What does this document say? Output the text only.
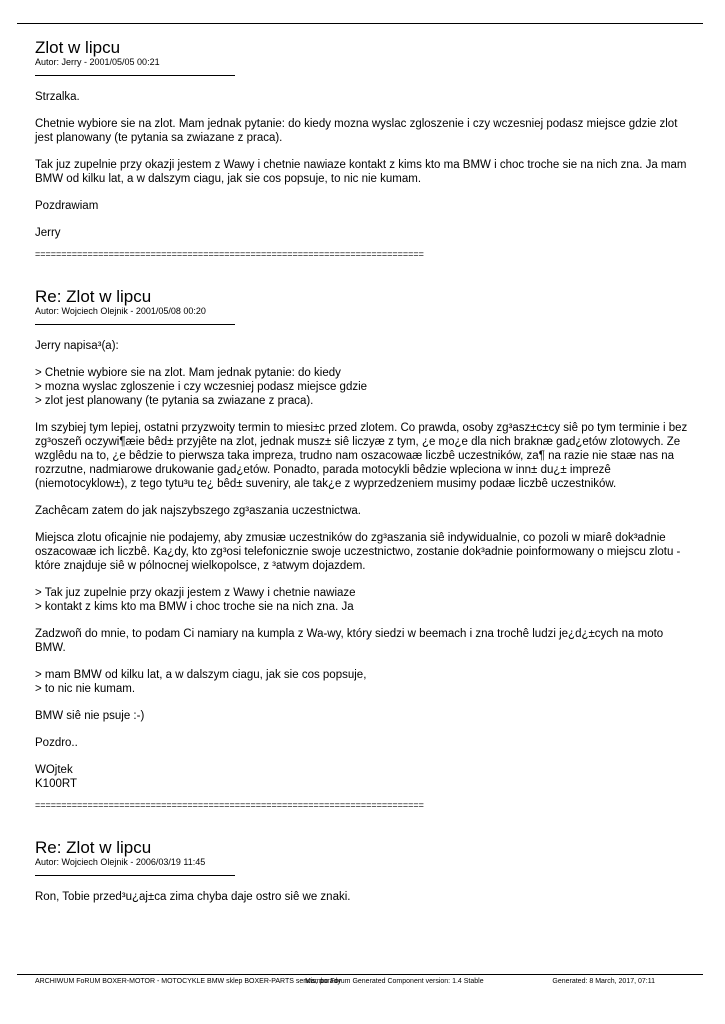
Zlot w lipcu
Autor: Jerry - 2001/05/05 00:21

Strzalka.

Chetnie wybiore sie na zlot. Mam jednak pytanie: do kiedy mozna wyslac zgloszenie i czy wczesniej podasz miejsce gdzie zlot jest planowany (te pytania sa zwiazane z praca).

Tak juz zupelnie przy okazji jestem z Wawy i chetnie nawiaze kontakt z kims kto ma BMW i choc troche sie na nich zna. Ja mam BMW od kilku lat, a w dalszym ciagu, jak sie cos popsuje, to nic nie kumam.

Pozdrawiam

Jerry

==========================================================================
Re: Zlot w lipcu
Autor: Wojciech Olejnik - 2001/05/08 00:20

Jerry napisa³(a):

> Chetnie wybiore sie na zlot. Mam jednak pytanie: do kiedy
> mozna wyslac zgloszenie i czy wczesniej podasz miejsce gdzie
> zlot jest planowany (te pytania sa zwiazane z praca).

Im szybiej tym lepiej, ostatni przyzwoity termin to miesi±c przed zlotem. Co prawda, osoby zg³asz±c±cy siê po tym terminie i bez zg³oszeñ oczywi¶æie bêd± przyjête na zlot, jednak musz± siê liczyæ z tym, ¿e mo¿e dla nich braknæ gad¿etów zlotowych. Ze wzglêdu na to, ¿e bêdzie to pierwsza taka impreza, trudno nam oszacowaæ liczbê uczestników, za¶ na razie nie staæ nas na rozrzutne, nadmiarowe drukowanie gad¿etów. Ponadto, parada motocykli bêdzie wpleciona w inn± du¿± imprezê (niemotocyklow±), z tego tytu³u te¿ bêd± suveniry, ale tak¿e z wyprzedzeniem musimy podaæ liczbê uczestników.

Zachêcam zatem do jak najszybszego zg³aszania uczestnictwa.

Miejsca zlotu oficajnie nie podajemy, aby zmusiæ uczestników do zg³aszania siê indywidualnie, co pozoli w miarê dok³adnie oszacowaæ ich liczbê. Ka¿dy, kto zg³osi telefonicznie swoje uczestnictwo, zostanie dok³adnie poinformowany o miejscu zlotu - które znajduje siê w pólnocnej wielkopolsce, z ³atwym dojazdem.

> Tak juz zupelnie przy okazji jestem z Wawy i chetnie nawiaze
> kontakt z kims kto ma BMW i choc troche sie na nich zna. Ja

Zadzwoñ do mnie, to podam Ci namiary na kumpla z Wa-wy, który siedzi w beemach i zna trochê ludzi je¿d¿±cych na moto BMW.

> mam BMW od kilku lat, a w dalszym ciagu, jak sie cos popsuje,
> to nic nie kumam.

BMW siê nie psuje :-)

Pozdro..

WOjtek
K100RT

==========================================================================
Re: Zlot w lipcu
Autor: Wojciech Olejnik - 2006/03/19 11:45

Ron, Tobie przed³u¿aj±ca zima chyba daje ostro siê we znaki.

ARCHIWUM FoRUM BOXER-MOTOR - MOTOCYKLE BMW sklep BOXER-PARTS serwis, porady
Mambo Forum Generated Component version: 1.4 Stable	Generated: 8 March, 2017, 07:11
